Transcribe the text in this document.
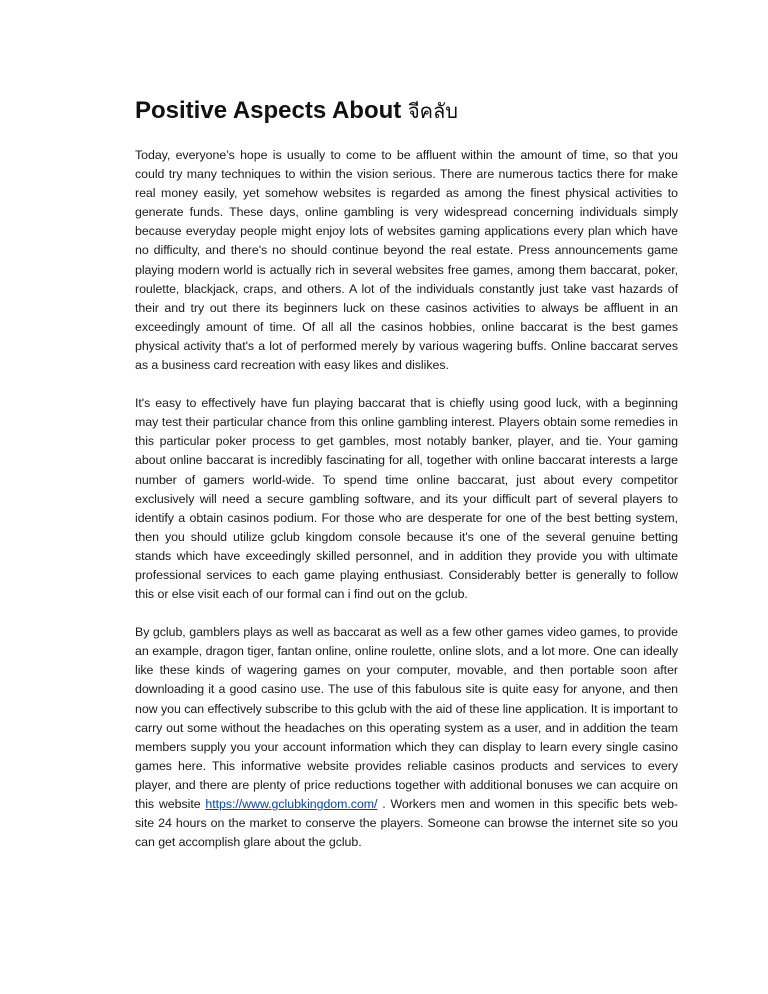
Positive Aspects About จีคลับ

Today, everyone’s hope is usually to come to be affluent within the amount of time, so that you could try many techniques to within the vision serious. There are numerous tactics there for make real money easily, yet somehow websites is regarded as among the finest physical activities to generate funds. These days, online gambling is very widespread concerning individuals simply because everyday people might enjoy lots of websites gaming applications every plan which have no difficulty, and there's no should continue beyond the real estate. Press announcements game playing modern world is actually rich in several websites free games, among them baccarat, poker, roulette, blackjack, craps, and others. A lot of the individuals constantly just take vast hazards of their and try out there its beginners luck on these casinos activities to always be affluent in an exceedingly amount of time. Of all all the casinos hobbies, online baccarat is the best games physical activity that's a lot of performed merely by various wagering buffs. Online baccarat serves as a business card recreation with easy likes and dislikes.

It's easy to effectively have fun playing baccarat that is chiefly using good luck, with a beginning may test their particular chance from this online gambling interest. Players obtain some remedies in this particular poker process to get gambles, most notably banker, player, and tie. Your gaming about online baccarat is incredibly fascinating for all, together with online baccarat interests a large number of gamers world-wide. To spend time online baccarat, just about every competitor exclusively will need a secure gambling software, and its your difficult part of several players to identify a obtain casinos podium. For those who are desperate for one of the best betting system, then you should utilize gclub kingdom console because it's one of the several genuine betting stands which have exceedingly skilled personnel, and in addition they provide you with ultimate professional services to each game playing enthusiast. Considerably better is generally to follow this or else visit each of our formal can i find out on the gclub.

By gclub, gamblers plays as well as baccarat as well as a few other games video games, to provide an example, dragon tiger, fantan online, online roulette, online slots, and a lot more. One can ideally like these kinds of wagering games on your computer, movable, and then portable soon after downloading it a good casino use. The use of this fabulous site is quite easy for anyone, and then now you can effectively subscribe to this gclub with the aid of these line application. It is important to carry out some without the headaches on this operating system as a user, and in addition the team members supply you your account information which they can display to learn every single casino games here. This informative website provides reliable casinos products and services to every player, and there are plenty of price reductions together with additional bonuses we can acquire on this website https://www.gclubkingdom.com/ . Workers men and women in this specific bets web-site 24 hours on the market to conserve the players. Someone can browse the internet site so you can get accomplish glare about the gclub.
